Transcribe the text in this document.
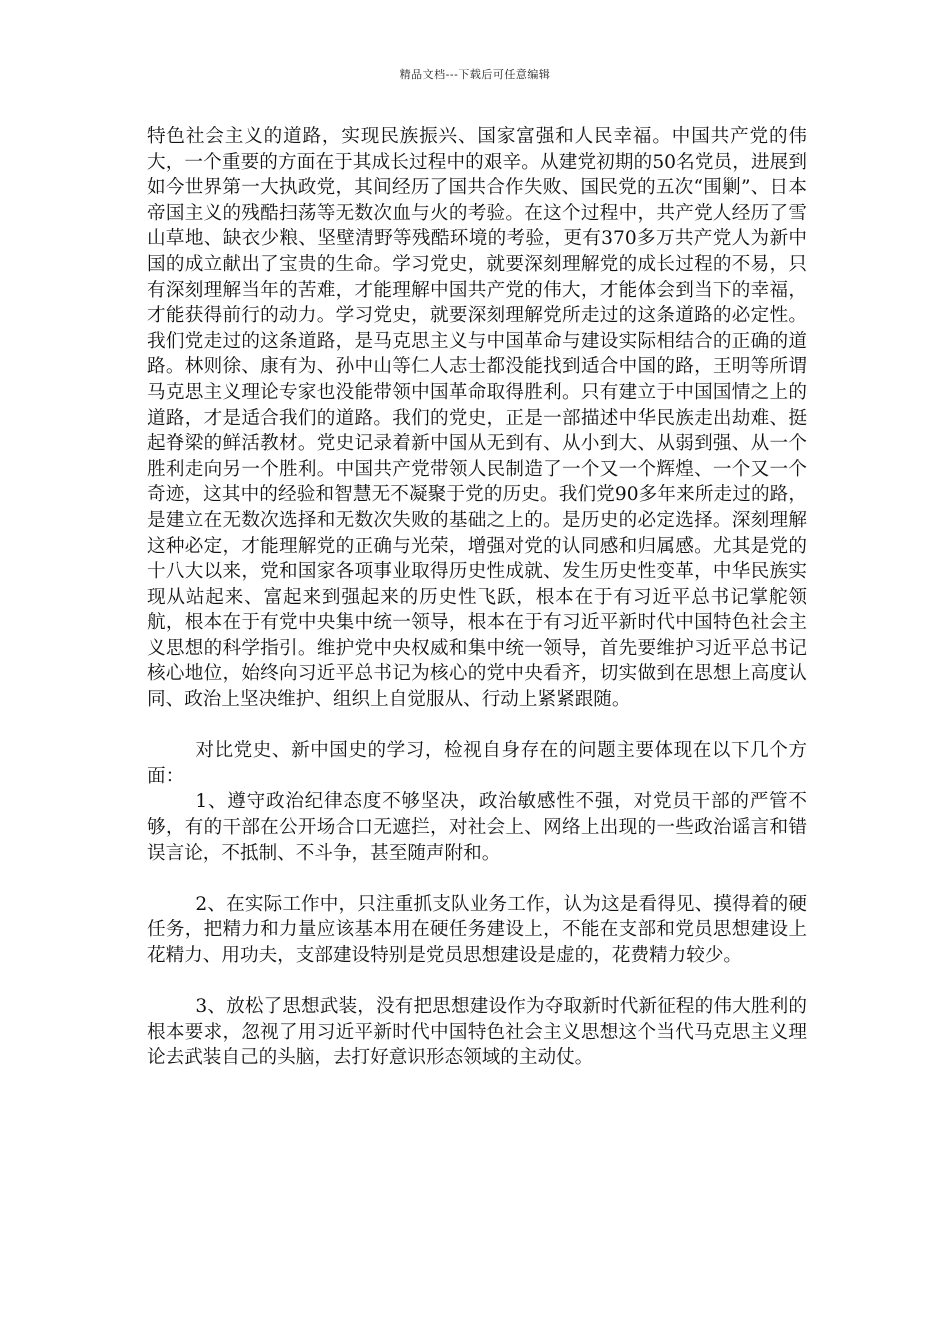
精品文档---下载后可任意编辑

特色社会主义的道路，实现民族振兴、国家富强和人民幸福。中国共产党的伟大，一个重要的方面在于其成长过程中的艰辛。从建党初期的50名党员，进展到如今世界第一大执政党，其间经历了国共合作失败、国民党的五次“围剿”、日本帝国主义的残酷扫荡等无数次血与火的考验。在这个过程中，共产党人经历了雪山草地、缺衣少粮、坚壁清野等残酷环境的考验，更有370多万共产党人为新中国的成立献出了宝贵的生命。学习党史，就要深刻理解党的成长过程的不易，只有深刻理解当年的苦难，才能理解中国共产党的伟大，才能体会到当下的幸福，才能获得前行的动力。学习党史，就要深刻理解党所走过的这条道路的必定性。我们党走过的这条道路，是马克思主义与中国革命与建设实际相结合的正确的道路。林则徐、康有为、孙中山等仁人志士都没能找到适合中国的路，王明等所谓马克思主义理论专家也没能带领中国革命取得胜利。只有建立于中国国情之上的道路，才是适合我们的道路。我们的党史，正是一部描述中华民族走出劫难、挺起脊梁的鲜活教材。党史记录着新中国从无到有、从小到大、从弱到强、从一个胜利走向另一个胜利。中国共产党带领人民制造了一个又一个辉煌、一个又一个奇迹，这其中的经验和智慧无不凝聚于党的历史。我们党90多年来所走过的路，是建立在无数次选择和无数次失败的基础之上的。是历史的必定选择。深刻理解这种必定，才能理解党的正确与光荣，增强对党的认同感和归属感。尤其是党的十八大以来，党和国家各项事业取得历史性成就、发生历史性变革，中华民族实现从站起来、富起来到强起来的历史性飞跃，根本在于有习近平总书记掌舵领航，根本在于有党中央集中统一领导，根本在于有习近平新时代中国特色社会主义思想的科学指引。维护党中央权威和集中统一领导，首先要维护习近平总书记核心地位，始终向习近平总书记为核心的党中央看齐，切实做到在思想上高度认同、政治上坚决维护、组织上自觉服从、行动上紧紧跟随。

对比党史、新中国史的学习，检视自身存在的问题主要体现在以下几个方面：

1、遵守政治纪律态度不够坚决，政治敏感性不强，对党员干部的严管不够，有的干部在公开场合口无遮拦，对社会上、网络上出现的一些政治谣言和错误言论，不抵制、不斗争，甚至随声附和。

2、在实际工作中，只注重抓支队业务工作，认为这是看得见、摸得着的硬任务，把精力和力量应该基本用在硬任务建设上，不能在支部和党员思想建设上花精力、用功夫，支部建设特别是党员思想建设是虚的，花费精力较少。

3、放松了思想武装，没有把思想建设作为夺取新时代新征程的伟大胜利的根本要求，忽视了用习近平新时代中国特色社会主义思想这个当代马克思主义理论去武装自己的头脑，去打好意识形态领域的主动仗。
